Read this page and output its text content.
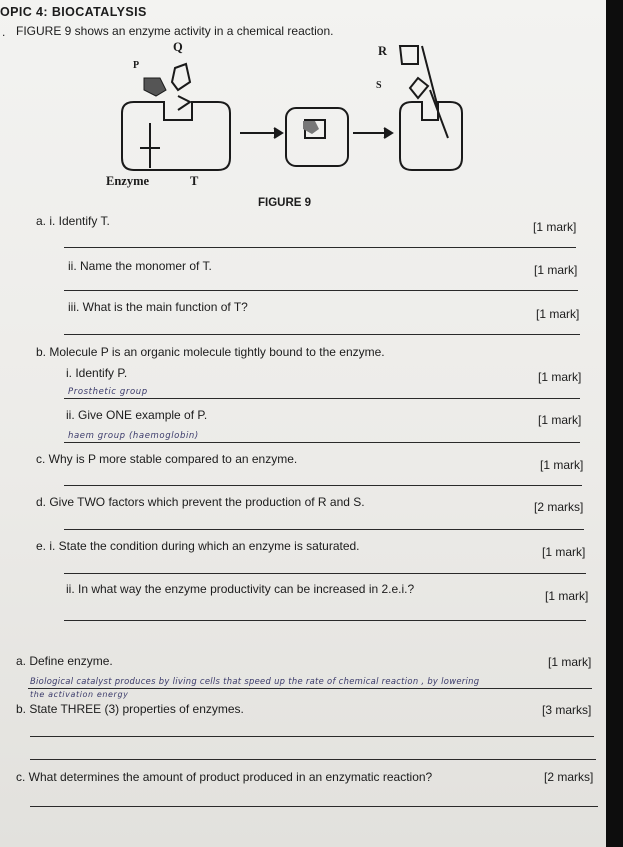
OPIC 4: BIOCATALYSIS
. FIGURE 9 shows an enzyme activity in a chemical reaction.
Q
P
R
S
Enzyme	T
FIGURE 9
a. i. Identify T.	[1 mark]
ii. Name the monomer of T.	[1 mark]
iii. What is the main function of T?	[1 mark]
b. Molecule P is an organic molecule tightly bound to the enzyme.
i. Identify P.	[1 mark]
Prosthetic group
ii. Give ONE example of P.	[1 mark]
haem group (haemoglobin)
c. Why is P more stable compared to an enzyme.	[1 mark]
d. Give TWO factors which prevent the production of R and S.	[2 marks]
e. i. State the condition during which an enzyme is saturated.	[1 mark]
ii. In what way the enzyme productivity can be increased in 2.e.i.?	[1 mark]
a. Define enzyme.	[1 mark]
Biological catalyst produces by living cells that speed up the rate of chemical reaction , by lowering
the activation energy
b. State THREE (3) properties of enzymes.	[3 marks]
c. What determines the amount of product produced in an enzymatic reaction?	[2 marks]
